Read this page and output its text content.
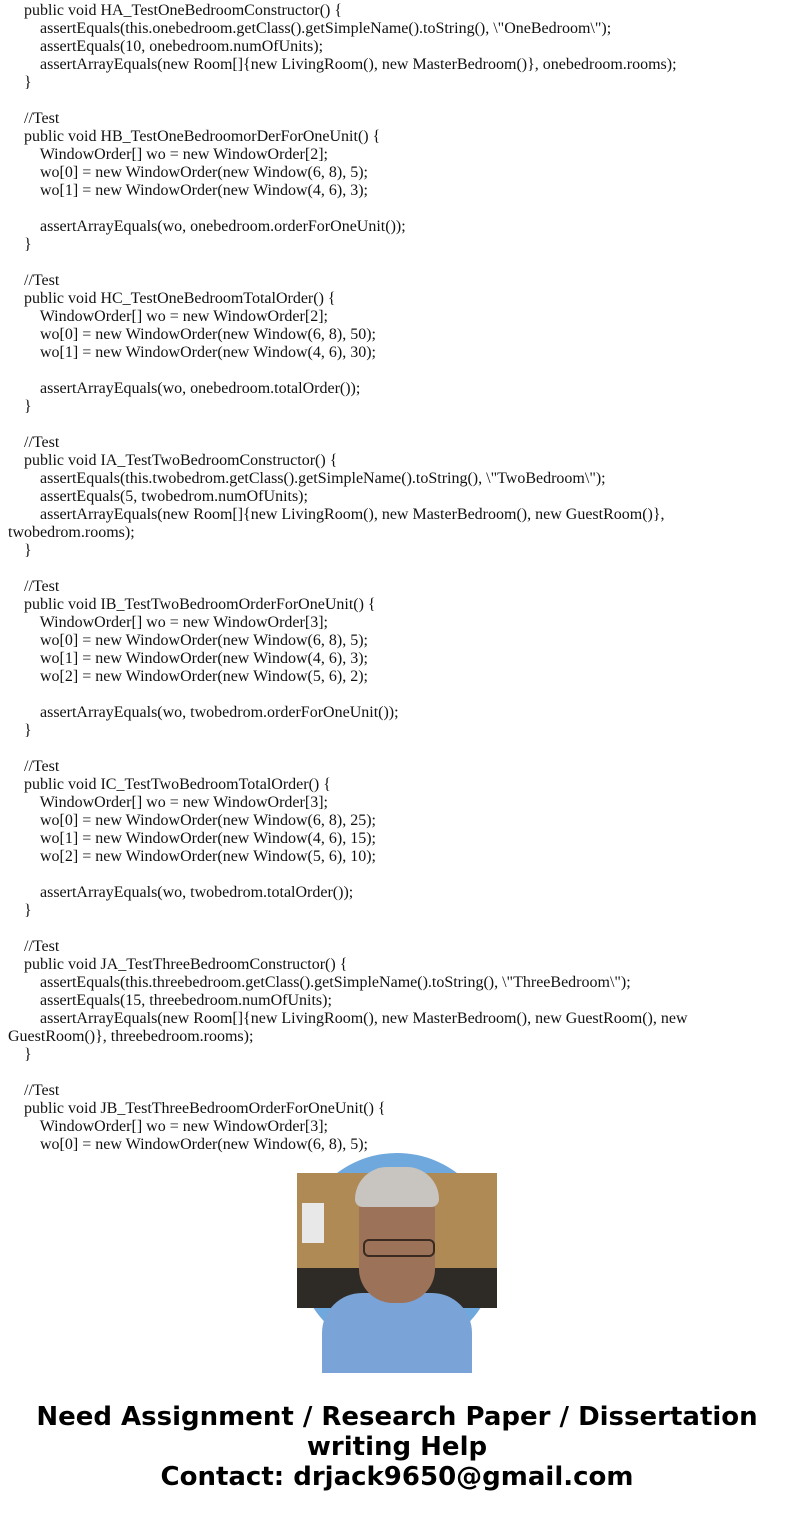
public void HA_TestOneBedroomConstructor() {
assertEquals(this.onebedroom.getClass().getSimpleName().toString(), \"OneBedroom\");
assertEquals(10, onebedroom.numOfUnits);
assertArrayEquals(new Room[]{new LivingRoom(), new MasterBedroom()}, onebedroom.rooms);
}
//Test
public void HB_TestOneBedroomorDerForOneUnit() {
WindowOrder[] wo = new WindowOrder[2];
wo[0] = new WindowOrder(new Window(6, 8), 5);
wo[1] = new WindowOrder(new Window(4, 6), 3);
assertArrayEquals(wo, onebedroom.orderForOneUnit());
}
//Test
public void HC_TestOneBedroomTotalOrder() {
WindowOrder[] wo = new WindowOrder[2];
wo[0] = new WindowOrder(new Window(6, 8), 50);
wo[1] = new WindowOrder(new Window(4, 6), 30);
assertArrayEquals(wo, onebedroom.totalOrder());
}
//Test
public void IA_TestTwoBedroomConstructor() {
assertEquals(this.twobedrom.getClass().getSimpleName().toString(), \"TwoBedroom\");
assertEquals(5, twobedrom.numOfUnits);
assertArrayEquals(new Room[]{new LivingRoom(), new MasterBedroom(), new GuestRoom()},
twobedrom.rooms);
}
//Test
public void IB_TestTwoBedroomOrderForOneUnit() {
WindowOrder[] wo = new WindowOrder[3];
wo[0] = new WindowOrder(new Window(6, 8), 5);
wo[1] = new WindowOrder(new Window(4, 6), 3);
wo[2] = new WindowOrder(new Window(5, 6), 2);
assertArrayEquals(wo, twobedrom.orderForOneUnit());
}
//Test
public void IC_TestTwoBedroomTotalOrder() {
WindowOrder[] wo = new WindowOrder[3];
wo[0] = new WindowOrder(new Window(6, 8), 25);
wo[1] = new WindowOrder(new Window(4, 6), 15);
wo[2] = new WindowOrder(new Window(5, 6), 10);
assertArrayEquals(wo, twobedrom.totalOrder());
}
//Test
public void JA_TestThreeBedroomConstructor() {
assertEquals(this.threebedroom.getClass().getSimpleName().toString(), \"ThreeBedroom\");
assertEquals(15, threebedroom.numOfUnits);
assertArrayEquals(new Room[]{new LivingRoom(), new MasterBedroom(), new GuestRoom(), new
GuestRoom()}, threebedroom.rooms);
}
//Test
public void JB_TestThreeBedroomOrderForOneUnit() {
WindowOrder[] wo = new WindowOrder[3];
wo[0] = new WindowOrder(new Window(6, 8), 5);
Need Assignment / Research Paper / Dissertation
writing Help
Contact: drjack9650@gmail.com
